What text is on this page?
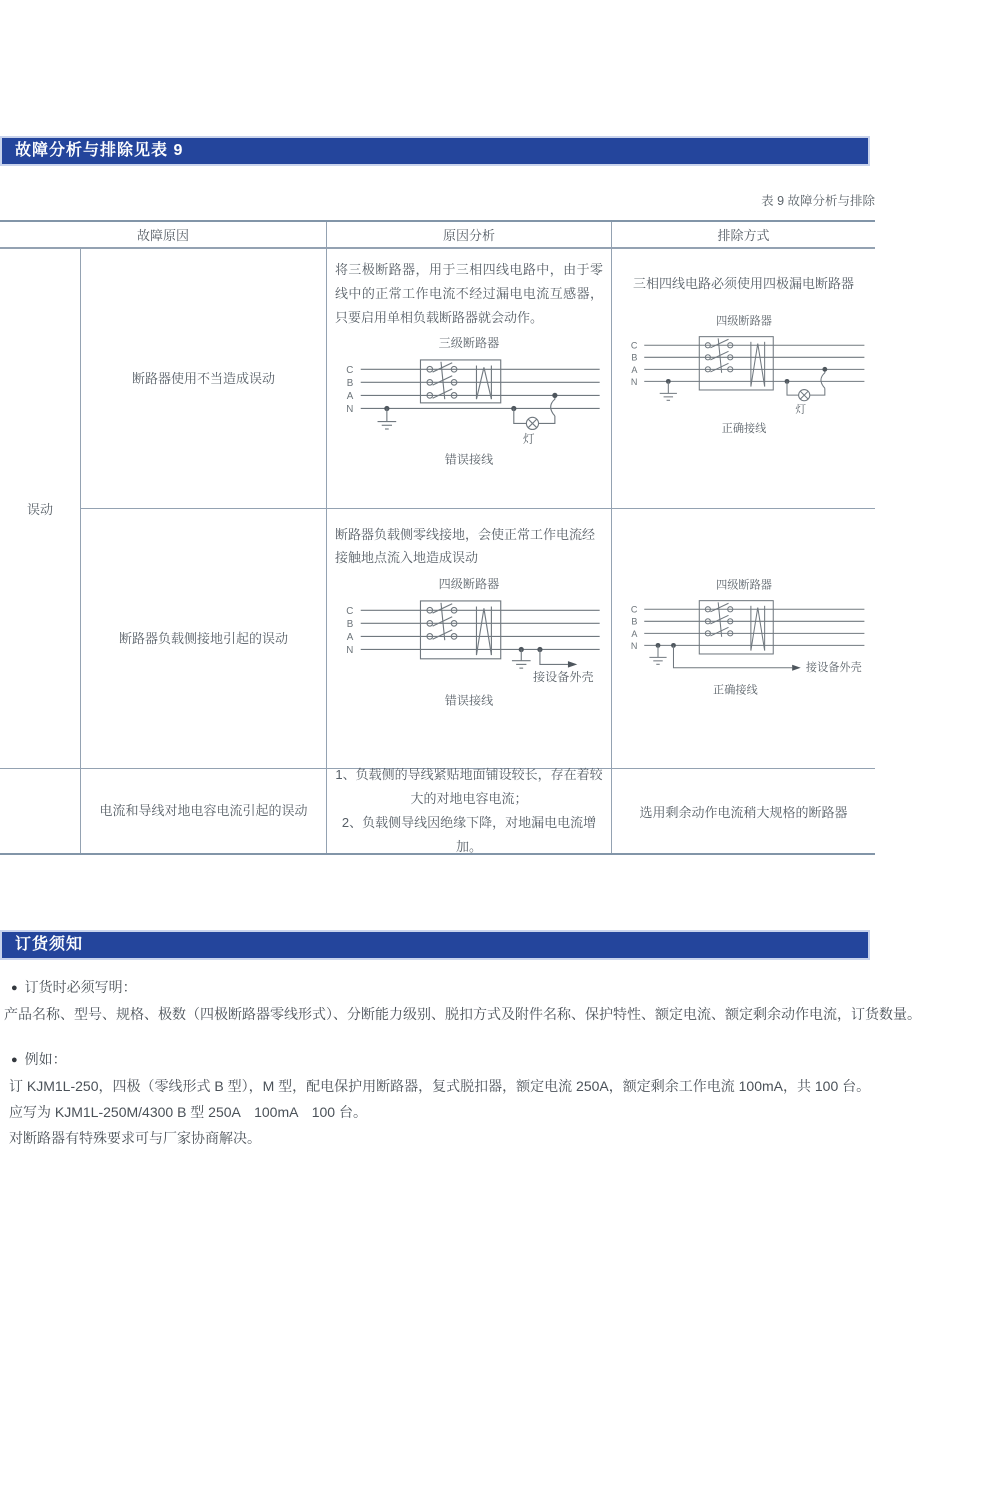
故障分析与排除见表 9
表 9 故障分析与排除
故障原因	原因分析	排除方式
误动
断路器使用不当造成误动
将三极断路器，用于三相四线电路中，由于零线中的正常工作电流不经过漏电电流互感器，只要启用单相负载断路器就会动作。
三级断路器
C
B
A
N
灯
错误接线
三相四线电路必须使用四极漏电断路器
四级断路器
C
B
A
N
灯
正确接线
断路器负载侧接地引起的误动
断路器负载侧零线接地，会使正常工作电流经接触地点流入地造成误动
四级断路器
C
B
A
N
接设备外壳
错误接线
四级断路器
C
B
A
N
接设备外壳
正确接线
电流和导线对地电容电流引起的误动
1、负载侧的导线紧贴地面铺设较长，存在着较大的对地电容电流；
2、负载侧导线因绝缘下降，对地漏电电流增加。
选用剩余动作电流稍大规格的断路器
订货须知
● 订货时必须写明：
产品名称、型号、规格、极数（四极断路器零线形式）、分断能力级别、脱扣方式及附件名称、保护特性、额定电流、额定剩余动作电流，订货数量。
● 例如：
订 KJM1L-250，四极（零线形式 B 型），M 型，配电保护用断路器，复式脱扣器，额定电流 250A，额定剩余工作电流 100mA，共 100 台。
应写为 KJM1L-250M/4300 B 型 250A　100mA　100 台。
对断路器有特殊要求可与厂家协商解决。
